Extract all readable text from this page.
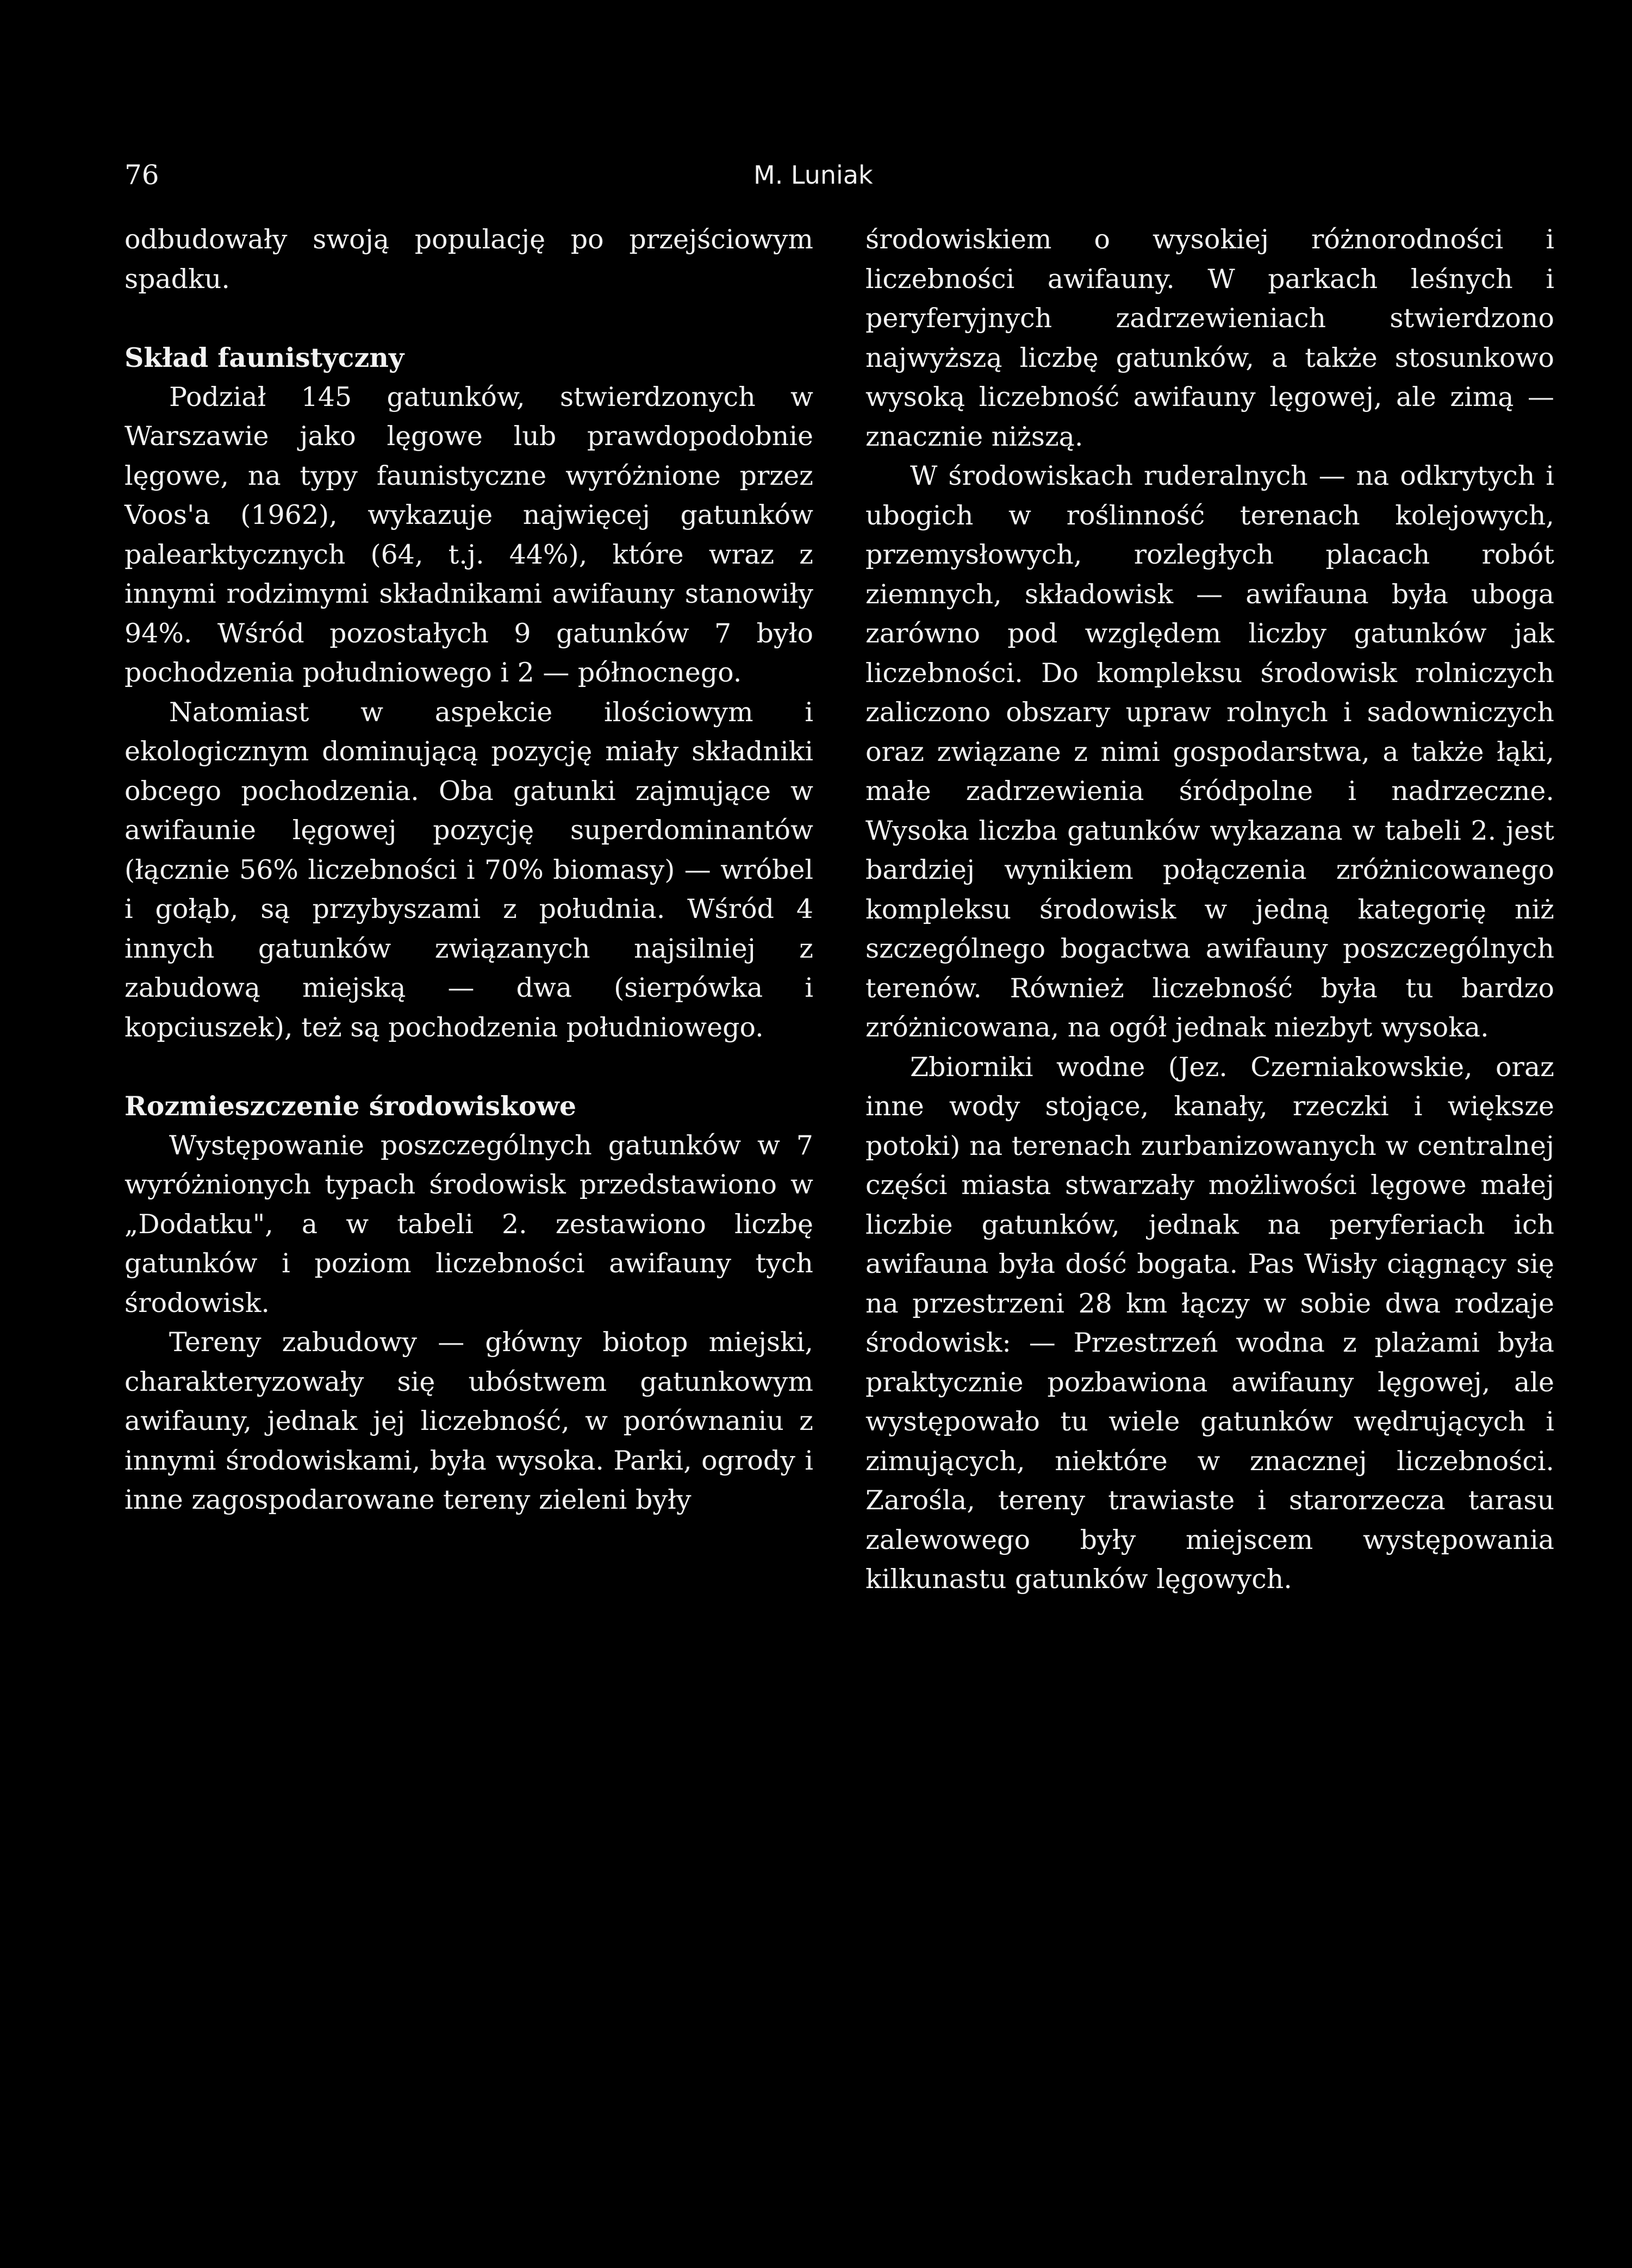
76	M. Luniak

odbudowały swoją populację po przejściowym spadku.

Skład faunistyczny

Podział 145 gatunków, stwierdzonych w Warszawie jako lęgowe lub prawdopodobnie lęgowe, na typy faunistyczne wyróżnione przez Voos'a (1962), wykazuje najwięcej gatunków palearktycznych (64, t.j. 44%), które wraz z innymi rodzimymi składnikami awifauny stanowiły 94%. Wśród pozostałych 9 gatunków 7 było pochodzenia południowego i 2 — północnego.

Natomiast w aspekcie ilościowym i ekologicznym dominującą pozycję miały składniki obcego pochodzenia. Oba gatunki zajmujące w awifaunie lęgowej pozycję superdominantów (łącznie 56% liczebności i 70% biomasy) — wróbel i gołąb, są przybyszami z południa. Wśród 4 innych gatunków związanych najsilniej z zabudową miejską — dwa (sierpówka i kopciuszek), też są pochodzenia południowego.

Rozmieszczenie środowiskowe

Występowanie poszczególnych gatunków w 7 wyróżnionych typach środowisk przedstawiono w „Dodatku", a w tabeli 2. zestawiono liczbę gatunków i poziom liczebności awifauny tych środowisk.

Tereny zabudowy — główny biotop miejski, charakteryzowały się ubóstwem gatunkowym awifauny, jednak jej liczebność, w porównaniu z innymi środowiskami, była wysoka. Parki, ogrody i inne zagospodarowane tereny zieleni były

środowiskiem o wysokiej różnorodności i liczebności awifauny. W parkach leśnych i peryferyjnych zadrzewieniach stwierdzono najwyższą liczbę gatunków, a także stosunkowo wysoką liczebność awifauny lęgowej, ale zimą — znacznie niższą.

W środowiskach ruderalnych — na odkrytych i ubogich w roślinność terenach kolejowych, przemysłowych, rozległych placach robót ziemnych, składowisk — awifauna była uboga zarówno pod względem liczby gatunków jak liczebności. Do kompleksu środowisk rolniczych zaliczono obszary upraw rolnych i sadowniczych oraz związane z nimi gospodarstwa, a także łąki, małe zadrzewienia śródpolne i nadrzeczne. Wysoka liczba gatunków wykazana w tabeli 2. jest bardziej wynikiem połączenia zróżnicowanego kompleksu środowisk w jedną kategorię niż szczególnego bogactwa awifauny poszczególnych terenów. Również liczebność była tu bardzo zróżnicowana, na ogół jednak niezbyt wysoka.

Zbiorniki wodne (Jez. Czerniakowskie, oraz inne wody stojące, kanały, rzeczki i większe potoki) na terenach zurbanizowanych w centralnej części miasta stwarzały możliwości lęgowe małej liczbie gatunków, jednak na peryferiach ich awifauna była dość bogata. Pas Wisły ciągnący się na przestrzeni 28 km łączy w sobie dwa rodzaje środowisk: — Przestrzeń wodna z plażami była praktycznie pozbawiona awifauny lęgowej, ale występowało tu wiele gatunków wędrujących i zimujących, niektóre w znacznej liczebności. Zarośla, tereny trawiaste i starorzecza tarasu zalewowego były miejscem występowania kilkunastu gatunków lęgowych.
